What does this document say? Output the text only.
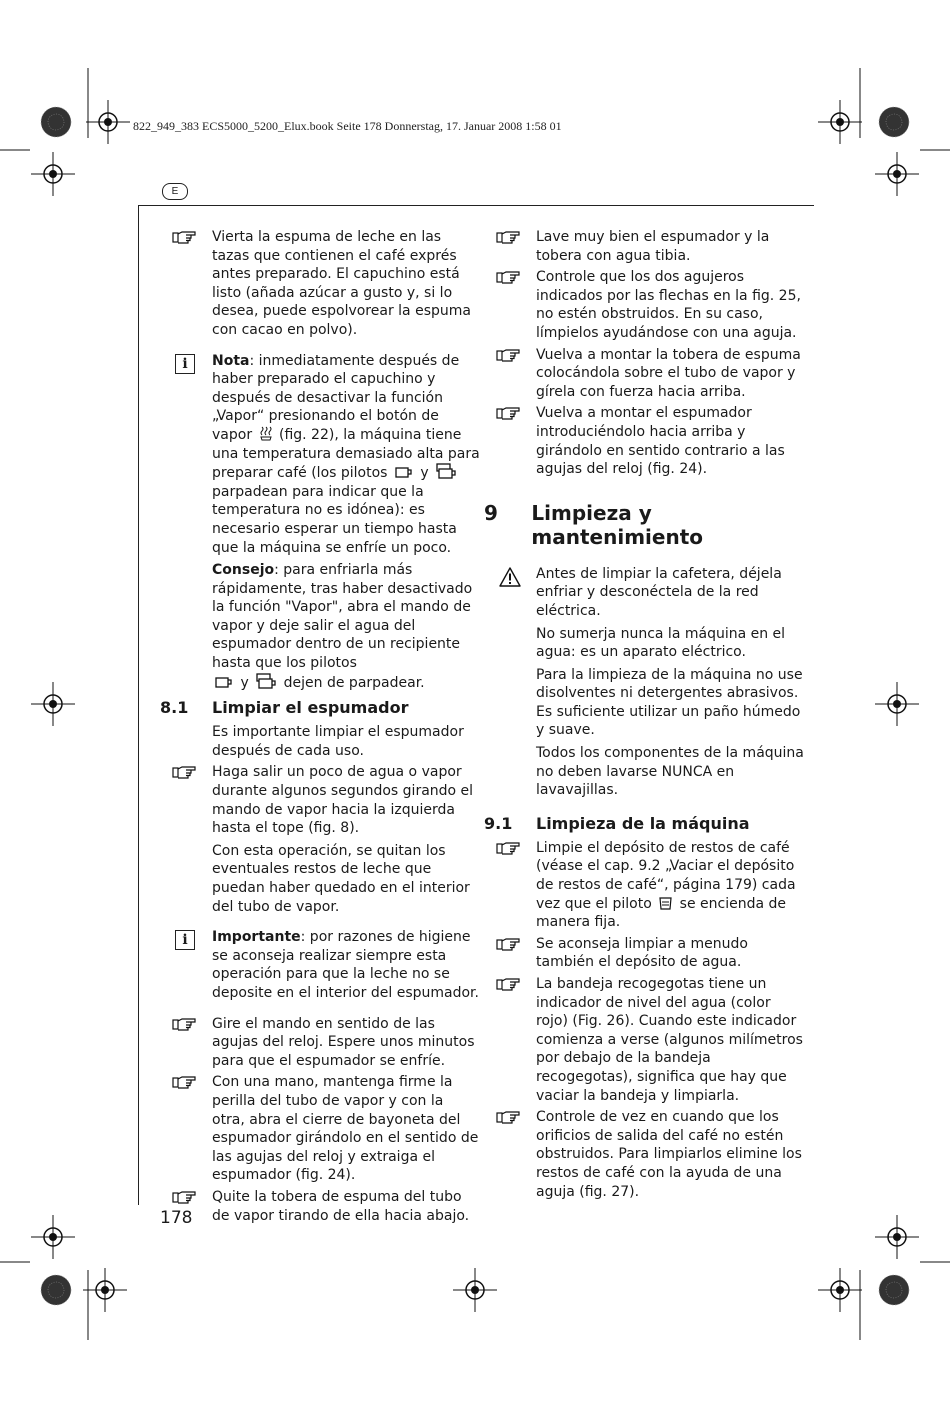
822_949_383 ECS5000_5200_Elux.book Seite 178 Donnerstag, 17. Januar 2008 1:58 01
E

Vierta la espuma de leche en las tazas que contienen el café exprés antes preparado. El capuchino está listo (añada azúcar a gusto y, si lo desea, puede espolvorear la espuma con cacao en polvo).

i	Nota: inmediatamente después de haber preparado el capuchino y después de desactivar la función „Vapor“ presionando el botón de vapor  (fig. 22), la máquina tiene una temperatura demasiado alta para preparar café (los pilotos y  parpadean para indicar que la temperatura no es idónea): es necesario esperar un tiempo hasta que la máquina se enfríe un poco.

Consejo: para enfriarla más rápidamente, tras haber desactivado la función "Vapor", abra el mando de vapor y deje salir el agua del espumador dentro de un recipiente hasta que los pilotos
y dejen de parpadear.

8.1	Limpiar el espumador

Es importante limpiar el espumador después de cada uso.

Haga salir un poco de agua o vapor durante algunos segundos girando el mando de vapor hacia la izquierda hasta el tope (fig. 8).

Con esta operación, se quitan los eventuales restos de leche que puedan haber quedado en el interior del tubo de vapor.

i	Importante: por razones de higiene se aconseja realizar siempre esta operación para que la leche no se deposite en el interior del espumador.

Gire el mando en sentido de las agujas del reloj. Espere unos minutos para que el espumador se enfríe.

Con una mano, mantenga firme la perilla del tubo de vapor y con la otra, abra el cierre de bayoneta del espumador girándolo en el sentido de las agujas del reloj y extraiga el espumador (fig. 24).

Quite la tobera de espuma del tubo de vapor tirando de ella hacia abajo.

Lave muy bien el espumador y la tobera con agua tibia.

Controle que los dos agujeros indicados por las flechas en la fig. 25, no estén obstruidos. En su caso, límpielos ayudándose con una aguja.

Vuelva a montar la tobera de espuma colocándola sobre el tubo de vapor y gírela con fuerza hacia arriba.

Vuelva a montar el espumador introduciéndolo hacia arriba y girándolo en sentido contrario a las agujas del reloj (fig. 24).

9	Limpieza y mantenimiento

Antes de limpiar la cafetera, déjela enfriar y desconéctela de la red eléctrica.

No sumerja nunca la máquina en el agua: es un aparato eléctrico.

Para la limpieza de la máquina no use disolventes ni detergentes abrasivos. Es suficiente utilizar un paño húmedo y suave.

Todos los componentes de la máquina no deben lavarse NUNCA en lavavajillas.

9.1	Limpieza de la máquina

Limpie el depósito de restos de café (véase el cap. 9.2 „Vaciar el depósito de restos de café“, página 179) cada vez que el piloto se encienda de manera fija.

Se aconseja limpiar a menudo también el depósito de agua.

La bandeja recogegotas tiene un indicador de nivel del agua (color rojo) (Fig. 26). Cuando este indicador comienza a verse (algunos milímetros por debajo de la bandeja recogegotas), significa que hay que vaciar la bandeja y limpiarla.

Controle de vez en cuando que los orificios de salida del café no estén obstruidos. Para limpiarlos elimine los restos de café con la ayuda de una aguja (fig. 27).

178
